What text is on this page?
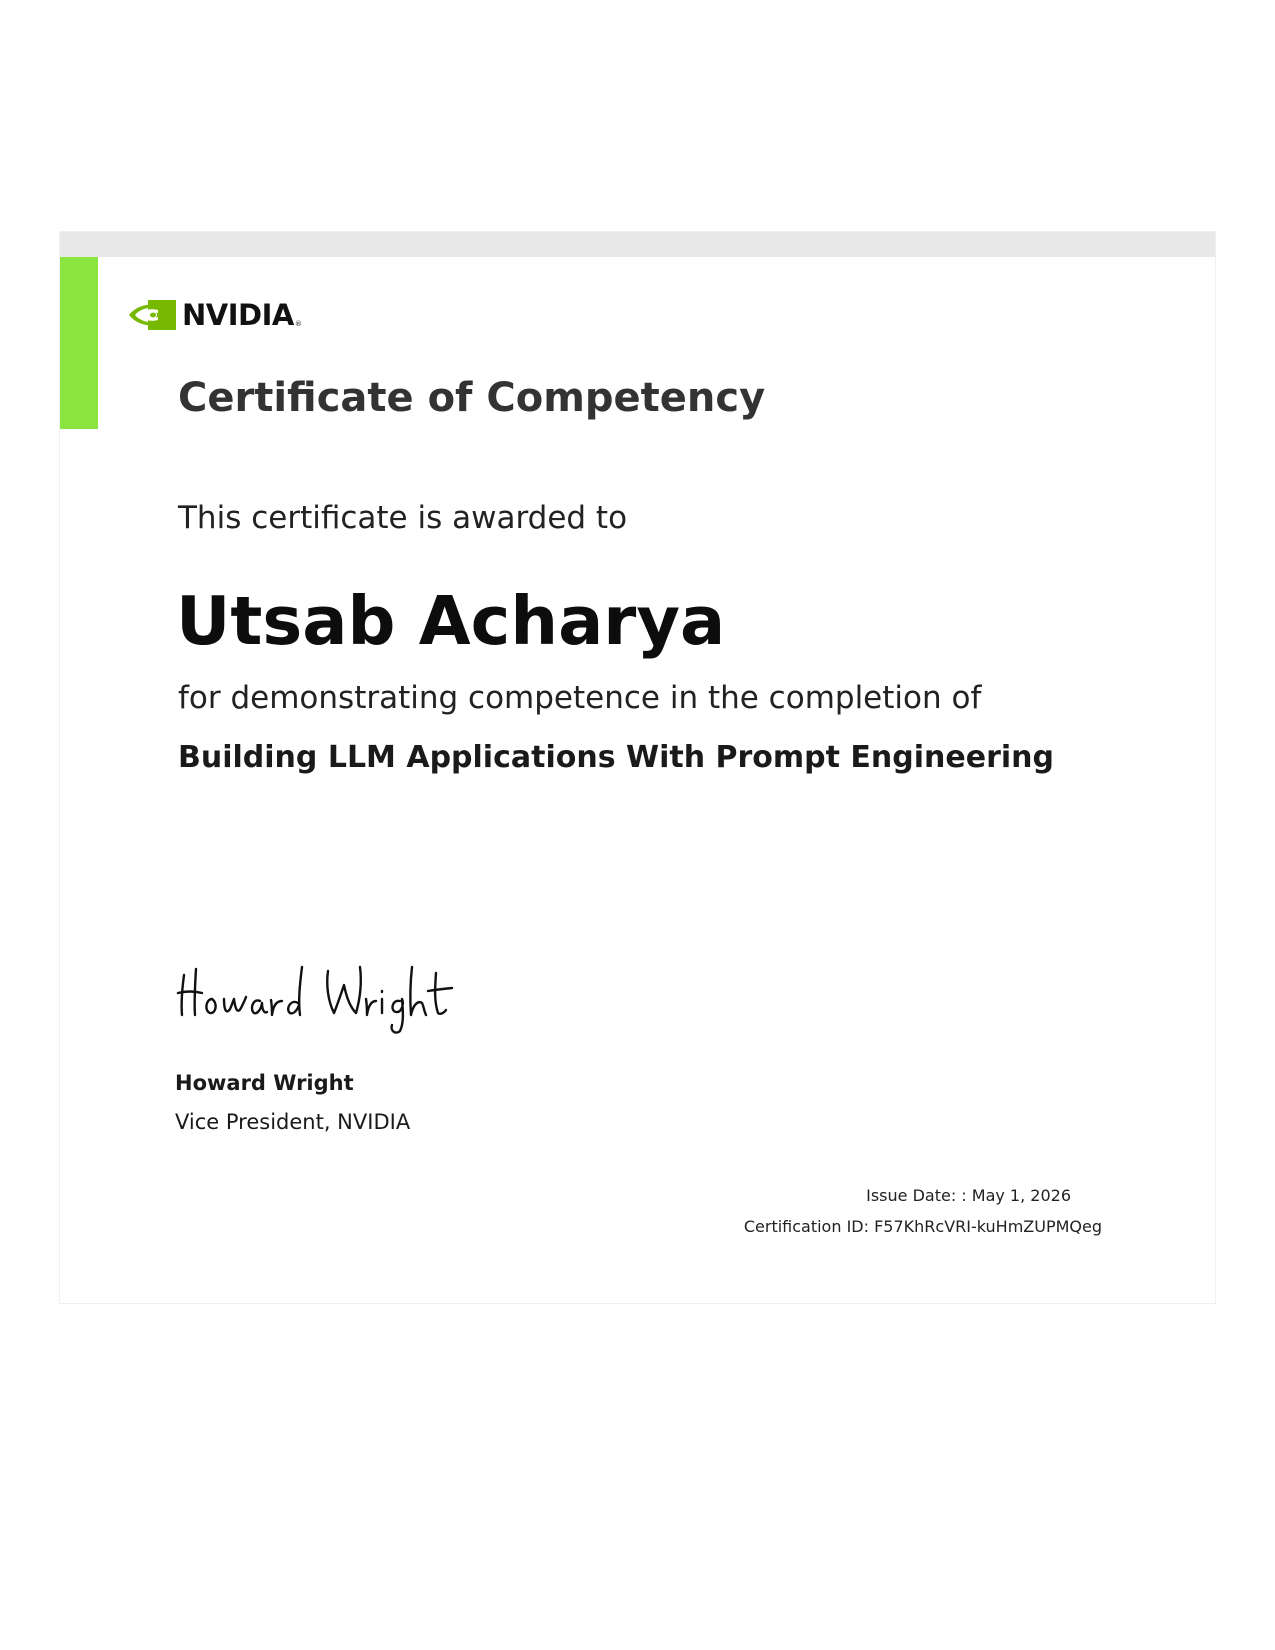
NVIDIA ®
Certificate of Competency
This certificate is awarded to
Utsab Acharya
for demonstrating competence in the completion of
Building LLM Applications With Prompt Engineering
Howard Wright
Vice President, NVIDIA
Issue Date: : May 1, 2026
Certification ID: F57KhRcVRI-kuHmZUPMQeg
